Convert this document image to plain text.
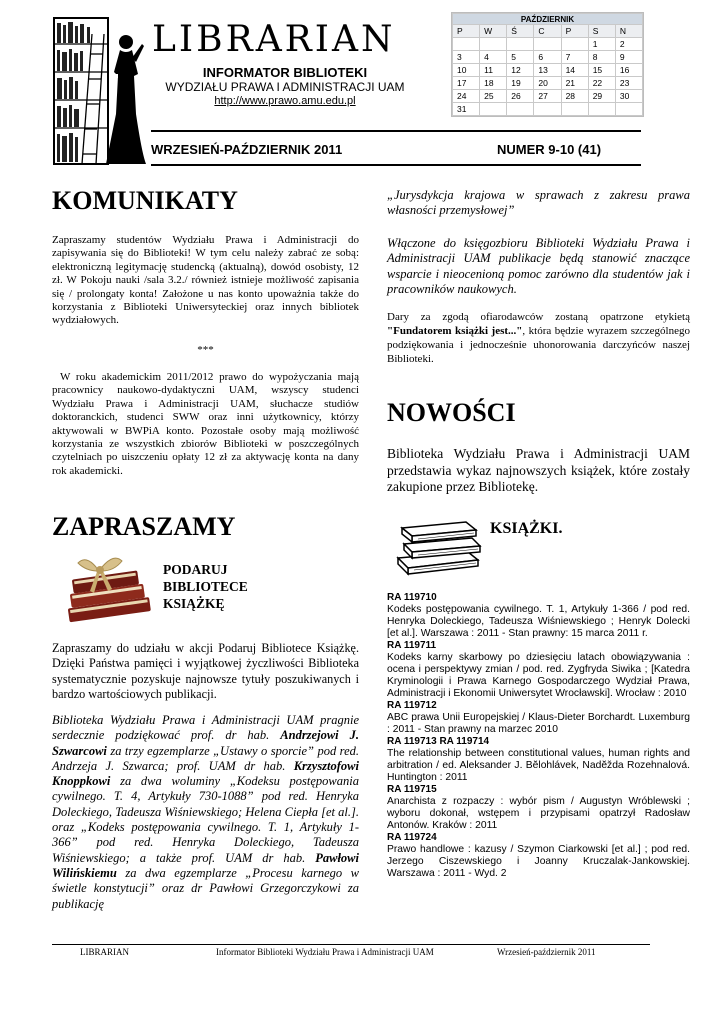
LIBRARIAN
INFORMATOR BIBLIOTEKI
WYDZIAŁU PRAWA I ADMINISTRACJI UAM
http://www.prawo.amu.edu.pl
PAŹDZIERNIK						
P	W	Ś	C	P	S	N
					1	2
3	4	5	6	7	8	9
10	11	12	13	14	15	16
17	18	19	20	21	22	23
24	25	26	27	28	29	30
31						
WRZESIEŃ-PAŹDZIERNIK 2011	NUMER 9-10 (41)
KOMUNIKATY
Zapraszamy studentów Wydziału Prawa i Administracji do zapisywania się do Biblioteki! W tym celu należy zabrać ze sobą: elektroniczną legitymację studencką (aktualną), dowód osobisty, 12 zł. W Pokoju nauki /sala 3.2./ również istnieje możliwość zapisania się / prolongaty konta! Założone u nas konto upoważnia także do korzystania z Biblioteki Uniwersyteckiej oraz innych bibliotek wydziałowych.
***
W roku akademickim 2011/2012 prawo do wypożyczania mają pracownicy naukowo-dydaktyczni UAM, wszyscy studenci Wydziału Prawa i Administracji UAM, słuchacze studiów doktoranckich, studenci SWW oraz inni użytkownicy, którzy aktywowali w BWPiA konto. Pozostałe osoby mają możliwość korzystania ze wszystkich zbiorów Biblioteki w poszczególnych czytelniach po uiszczeniu opłaty 12 zł za aktywację konta na dany rok akademicki.
ZAPRASZAMY
PODARUJ
BIBLIOTECE
KSIĄŻKĘ
Zapraszamy do udziału w akcji Podaruj Bibliotece Książkę. Dzięki Państwa pamięci i wyjątkowej życzliwości Biblioteka systematycznie pozyskuje najnowsze tytuły poszukiwanych i bardzo wartościowych publikacji.
Biblioteka Wydziału Prawa i Administracji UAM pragnie serdecznie podziękować prof. dr hab. Andrzejowi J. Szwarcowi za trzy egzemplarze „Ustawy o sporcie” pod red. Andrzeja J. Szwarca; prof. UAM dr hab. Krzysztofowi Knoppkowi za dwa woluminy „Kodeksu postępowania cywilnego. T. 4, Artykuły 730-1088” pod red. Henryka Doleckiego, Tadeusza Wiśniewskiego; Helena Ciepła [et al.]. oraz „Kodeks postępowania cywilnego. T. 1, Artykuły 1-366” pod red. Henryka Doleckiego, Tadeusza Wiśniewskiego; a także prof. UAM dr hab. Pawłowi Wilińskiemu za dwa egzemplarze „Procesu karnego w świetle konstytucji” oraz dr Pawłowi Grzegorczykowi za publikację
„Jurysdykcja krajowa w sprawach z zakresu prawa własności przemysłowej”
Włączone do księgozbioru Biblioteki Wydziału Prawa i Administracji UAM publikacje będą stanowić znaczące wsparcie i nieocenioną pomoc zarówno dla studentów jak i pracowników naukowych.
Dary za zgodą ofiarodawców zostaną opatrzone etykietą "Fundatorem książki jest...", która będzie wyrazem szczególnego podziękowania i jednocześnie uhonorowania darczyńców naszej Biblioteki.
NOWOŚCI
Biblioteka Wydziału Prawa i Administracji UAM przedstawia wykaz najnowszych książek, które zostały zakupione przez Bibliotekę.
KSIĄŻKI.
RA 119710
Kodeks postępowania cywilnego. T. 1, Artykuły 1-366 / pod red. Henryka Doleckiego, Tadeusza Wiśniewskiego ; Henryk Dolecki [et al.]. Warszawa : 2011 - Stan prawny: 15 marca 2011 r.
RA 119711
Kodeks karny skarbowy po dziesięciu latach obowiązywania : ocena i perspektywy zmian / pod. red. Zygfryda Siwika ; [Katedra Kryminologii i Prawa Karnego Gospodarczego Wydział Prawa, Administracji i Ekonomii Uniwersytet Wrocławski]. Wrocław : 2010
RA 119712
ABC prawa Unii Europejskiej / Klaus-Dieter Borchardt. Luxemburg : 2011 - Stan prawny na marzec 2010
RA 119713 RA 119714
The relationship between constitutional values, human rights and arbitration / ed. Aleksander J. Bĕlohlávek, Nadĕžda Rozehnalová. Huntington : 2011
RA 119715
Anarchista z rozpaczy : wybór pism / Augustyn Wróblewski ; wyboru dokonał, wstępem i przypisami opatrzył Radosław Antonów. Kraków : 2011
RA 119724
Prawo handlowe : kazusy / Szymon Ciarkowski [et al.] ; pod red. Jerzego Ciszewskiego i Joanny Kruczalak-Jankowskiej. Warszawa : 2011 - Wyd. 2
LIBRARIAN	Informator Biblioteki Wydziału Prawa i Administracji UAM	Wrzesień-październik 2011
